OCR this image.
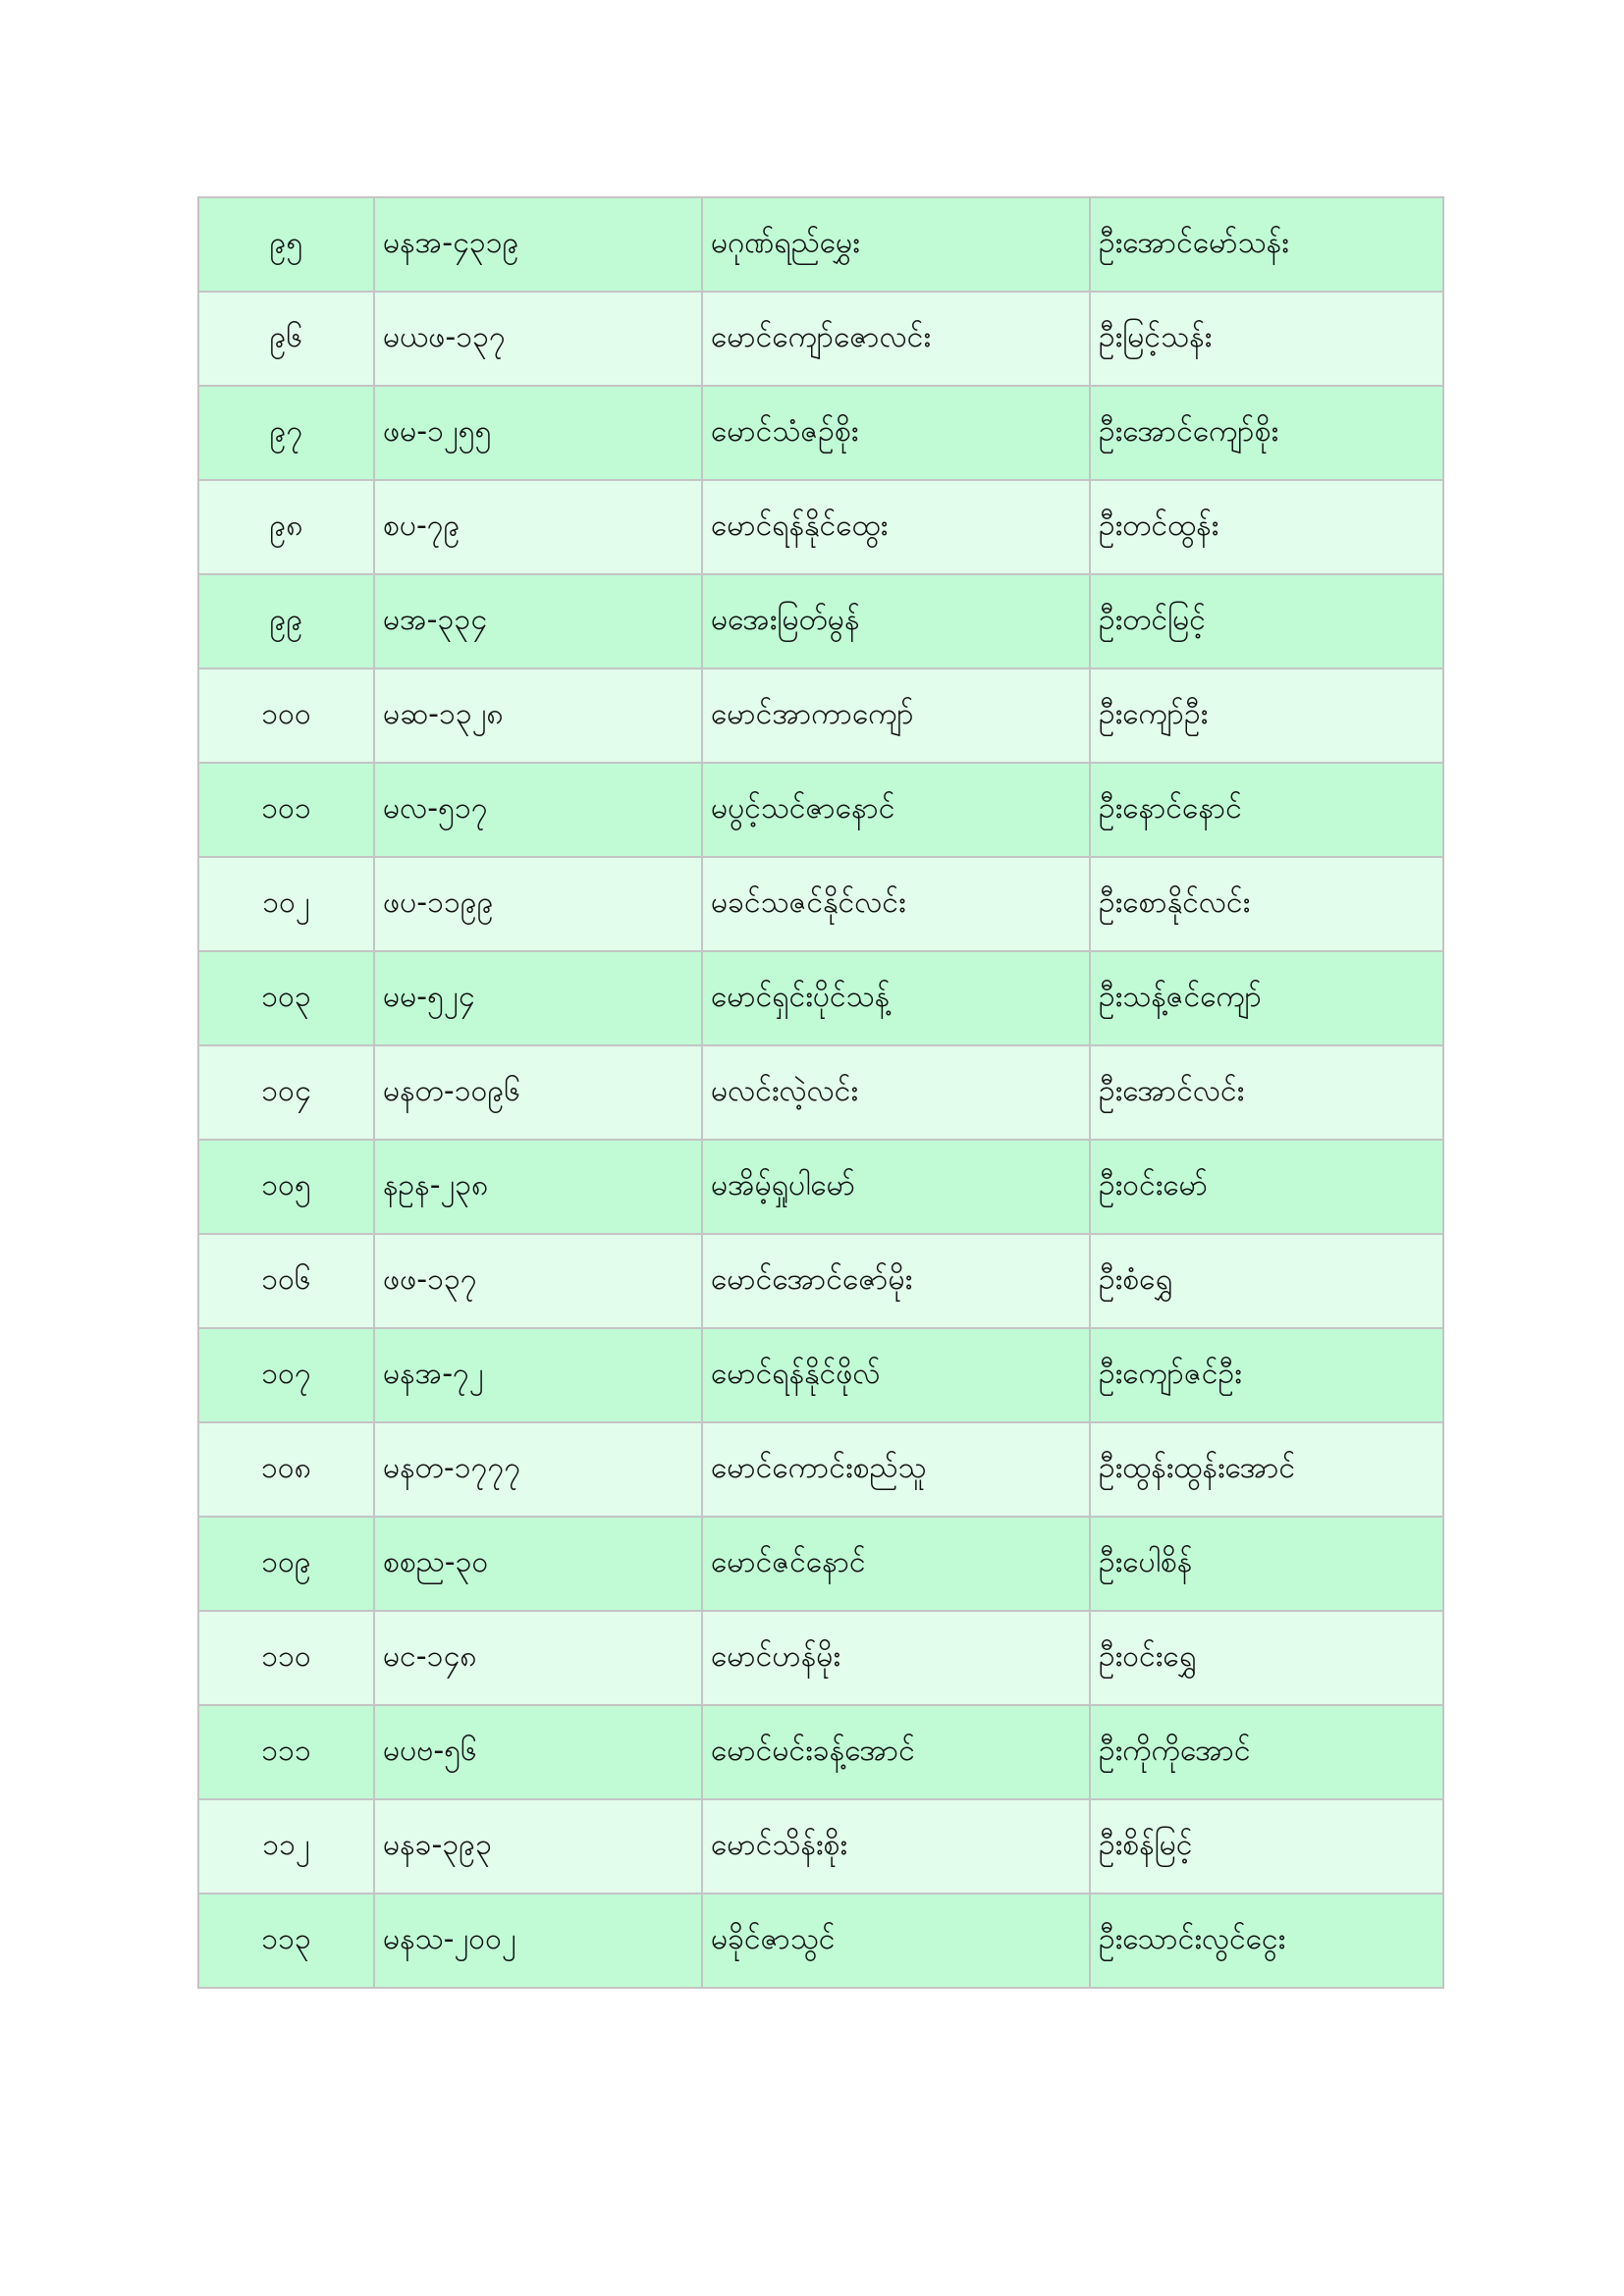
၉၅	မနအ-၄၃၁၉	မဂုဏ်ရည်မွှေး	ဦးအောင်မော်သန်း
၉၆	မယဖ-၁၃၇	မောင်ကျော်ဇောလင်း	ဦးမြင့်သန်း
၉၇	ဖမ-၁၂၅၅	မောင်သံဇဉ်စိုး	ဦးအောင်ကျော်စိုး
၉၈	စပ-၇၉	မောင်ရန်နိုင်ထွေး	ဦးတင်ထွန်း
၉၉	မအ-၃၃၄	မအေးမြတ်မွန်	ဦးတင်မြင့်
၁၀၀	မဆ-၁၃၂၈	မောင်အာကာကျော်	ဦးကျော်ဦး
၁၀၁	မလ-၅၁၇	မပွင့်သင်ဇာနောင်	ဦးနောင်နောင်
၁၀၂	ဖပ-၁၁၉၉	မခင်သဇင်နိုင်လင်း	ဦးစောနိုင်လင်း
၁၀၃	မမ-၅၂၄	မောင်ရှင်းပိုင်သန့်	ဦးသန့်ဇင်ကျော်
၁၀၄	မနတ-၁၀၉၆	မလင်းလဲ့လင်း	ဦးအောင်လင်း
၁၀၅	နဥန-၂၃၈	မအိမ့်ရှုပါမော်	ဦးဝင်းမော်
၁၀၆	ဖဖ-၁၃၇	မောင်အောင်ဇော်မိုး	ဦးစံရွှေ
၁၀၇	မနအ-၇၂	မောင်ရန်နိုင်ဖိုလ်	ဦးကျော်ဇင်ဦး
၁၀၈	မနတ-၁၇၇၇	မောင်ကောင်းစည်သူ	ဦးထွန်းထွန်းအောင်
၁၀၉	စစည-၃၀	မောင်ဇင်နောင်	ဦးပေါစိန်
၁၁၀	မင-၁၄၈	မောင်ဟန်မိုး	ဦးဝင်းရွှေ
၁၁၁	မပဗ-၅၆	မောင်မင်းခန့်အောင်	ဦးကိုကိုအောင်
၁၁၂	မနခ-၃၉၃	မောင်သိန်းစိုး	ဦးစိန်မြင့်
၁၁၃	မနသ-၂၀၀၂	မခိုင်ဇာသွင်	ဦးသောင်းလွင်ငွေး
